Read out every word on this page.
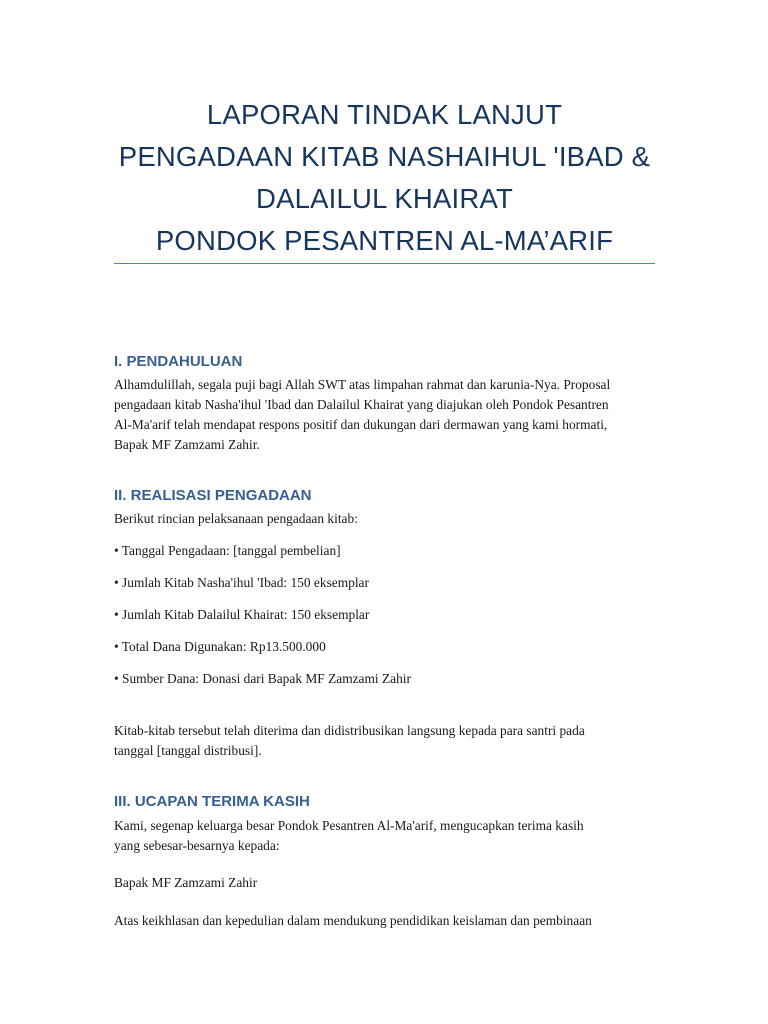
LAPORAN TINDAK LANJUT
PENGADAAN KITAB NASHAIHUL 'IBAD &
DALAILUL KHAIRAT
PONDOK PESANTREN AL-MA’ARIF
I. PENDAHULUAN

Alhamdulillah, segala puji bagi Allah SWT atas limpahan rahmat dan karunia-Nya. Proposal
pengadaan kitab Nasha'ihul 'Ibad dan Dalailul Khairat yang diajukan oleh Pondok Pesantren
Al-Ma'arif telah mendapat respons positif dan dukungan dari dermawan yang kami hormati,
Bapak MF Zamzami Zahir.

II. REALISASI PENGADAAN

Berikut rincian pelaksanaan pengadaan kitab:

• Tanggal Pengadaan: [tanggal pembelian]

• Jumlah Kitab Nasha'ihul 'Ibad: 150 eksemplar

• Jumlah Kitab Dalailul Khairat: 150 eksemplar

• Total Dana Digunakan: Rp13.500.000

• Sumber Dana: Donasi dari Bapak MF Zamzami Zahir

Kitab-kitab tersebut telah diterima dan didistribusikan langsung kepada para santri pada
tanggal [tanggal distribusi].

III. UCAPAN TERIMA KASIH

Kami, segenap keluarga besar Pondok Pesantren Al-Ma'arif, mengucapkan terima kasih
yang sebesar-besarnya kepada:

Bapak MF Zamzami Zahir

Atas keikhlasan dan kepedulian dalam mendukung pendidikan keislaman dan pembinaan
